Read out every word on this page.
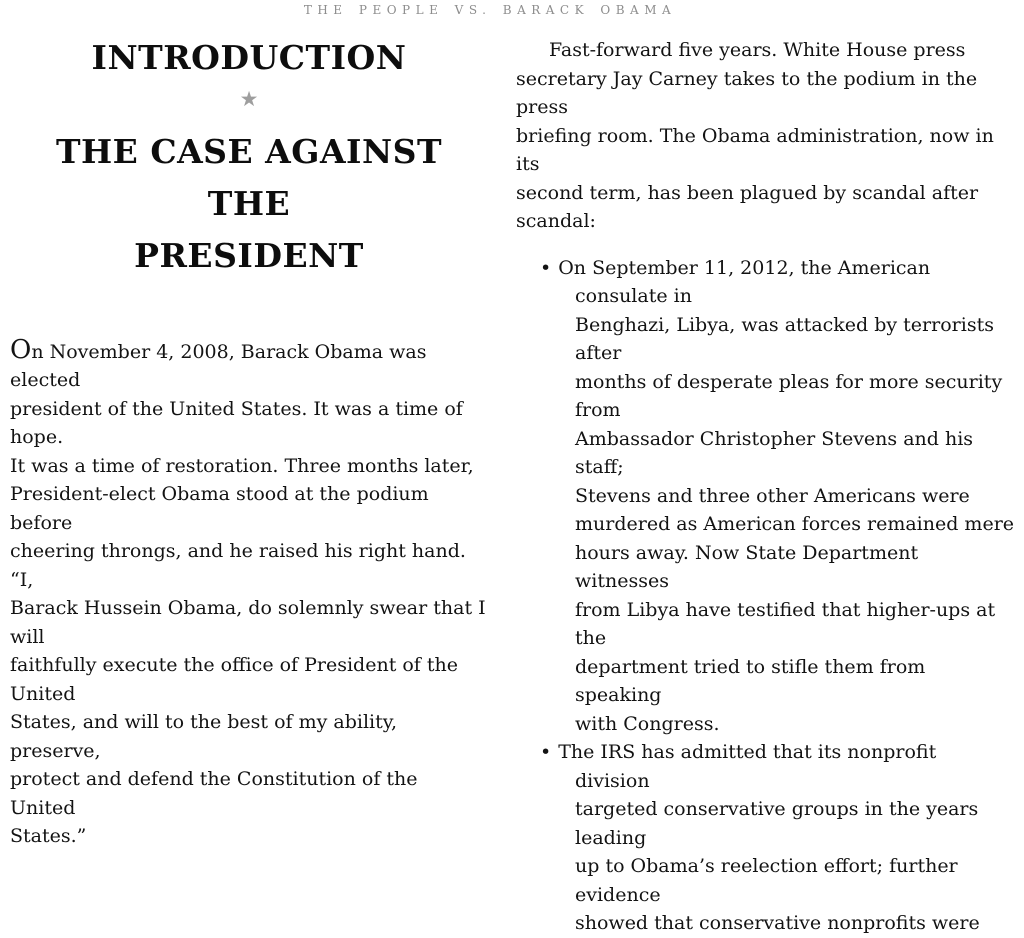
THE PEOPLE VS. BARACK OBAMA
INTRODUCTION
★
THE CASE AGAINST THE
PRESIDENT

On November 4, 2008, Barack Obama was elected
president of the United States. It was a time of hope.
It was a time of restoration. Three months later,
President-elect Obama stood at the podium before
cheering throngs, and he raised his right hand. “I,
Barack Hussein Obama, do solemnly swear that I will
faithfully execute the office of President of the United
States, and will to the best of my ability, preserve,
protect and defend the Constitution of the United
States.”

Fast-forward five years. White House press
secretary Jay Carney takes to the podium in the press
briefing room. The Obama administration, now in its
second term, has been plagued by scandal after
scandal:

• On September 11, 2012, the American consulate in
Benghazi, Libya, was attacked by terrorists after
months of desperate pleas for more security from
Ambassador Christopher Stevens and his staff;
Stevens and three other Americans were
murdered as American forces remained mere
hours away. Now State Department witnesses
from Libya have testified that higher-ups at the
department tried to stifle them from speaking
with Congress.
• The IRS has admitted that its nonprofit division
targeted conservative groups in the years leading
up to Obama’s reelection effort; further evidence
showed that conservative nonprofits were
